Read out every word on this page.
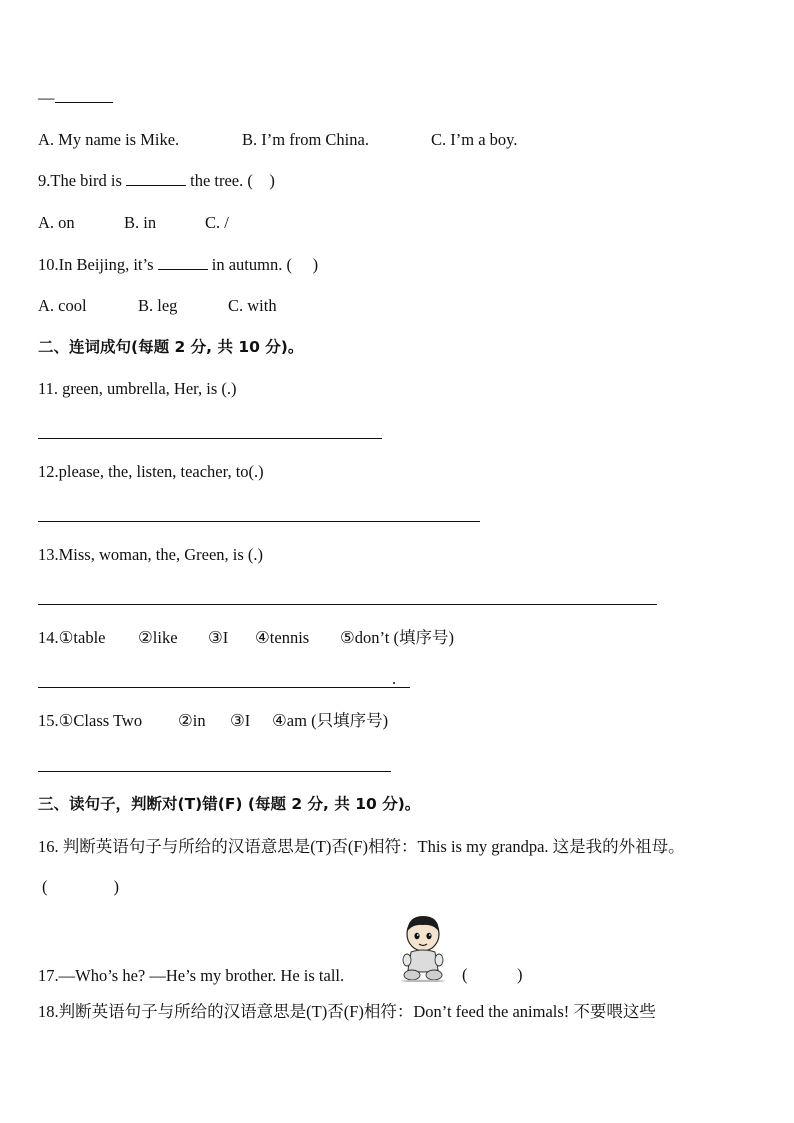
—
A. My name is Mike.	B. I’m from China.	C. I’m a boy.
9.The bird is	the tree. (　)
A. on	B. in	C. /
10.In Beijing, it’s	in autumn. (　 )
A. cool	B. leg	C. with
二、连词成句(每题 2 分, 共 10 分)。
11. green, umbrella, Her, is (.)
12.please, the, listen, teacher, to(.)
13.Miss, woman, the, Green, is (.)
14.①table ②like ③I ④tennis ⑤don’t (填序号)
.
15.①Class Two ②in ③I ④am (只填序号)
三、读句子，判断对(T)错(F) (每题 2 分, 共 10 分)。
16. 判断英语句子与所给的汉语意思是(T)否(F)相符：This is my grandpa. 这是我的外祖母。
(　　　　)
17.—Who’s he? —He’s my brother. He is tall.	(　　　)
18.判断英语句子与所给的汉语意思是(T)否(F)相符：Don’t feed the animals! 不要喂这些
